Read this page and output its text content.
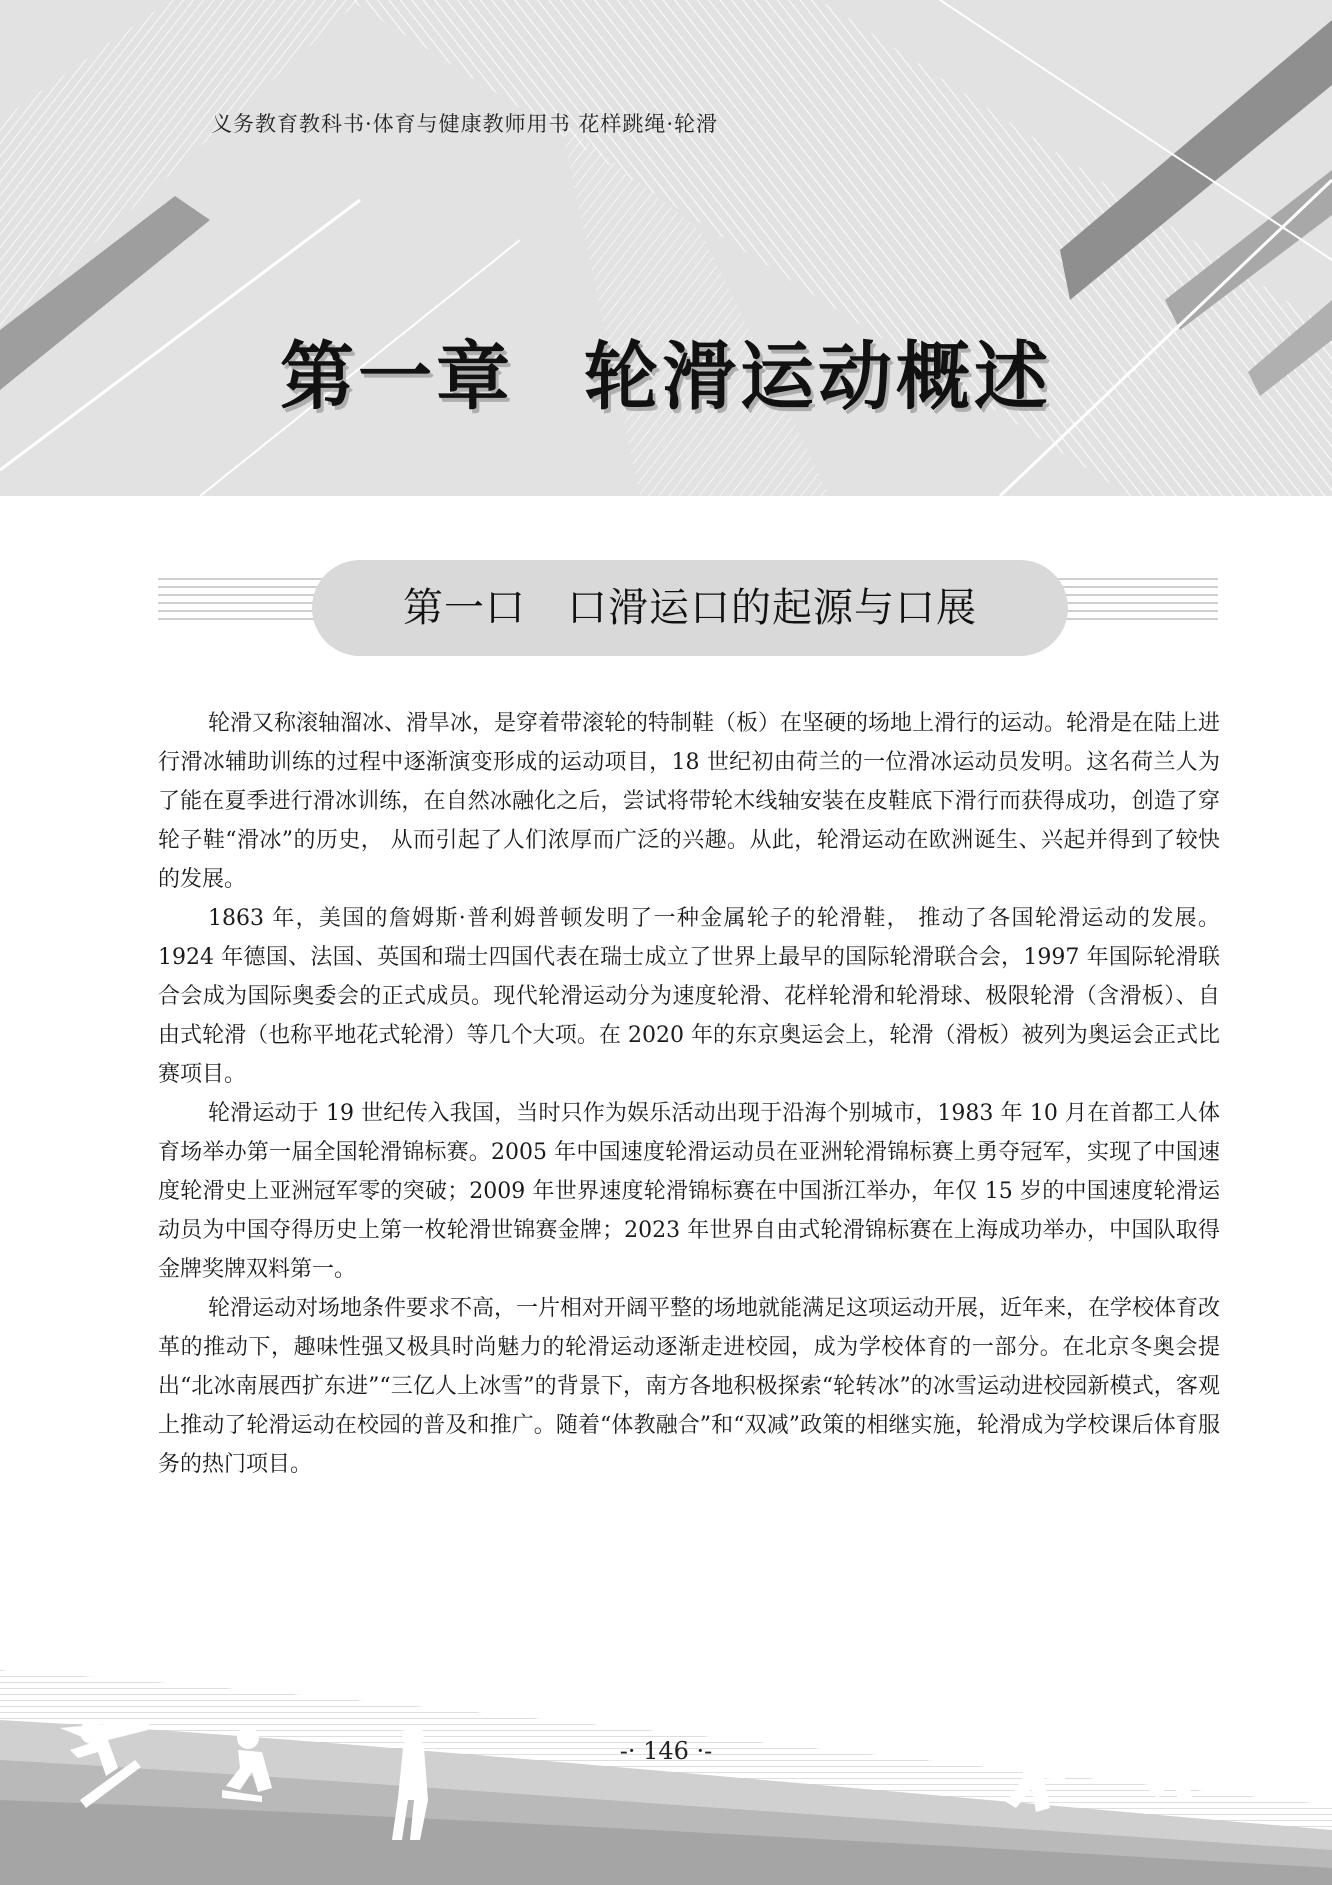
义务教育教科书·体育与健康教师用书 花样跳绳·轮滑
第一章 轮滑运动概述
第一口　口滑运口的起源与口展

轮滑又称滚轴溜冰、滑旱冰，是穿着带滚轮的特制鞋（板）在坚硬的场地上滑行的运动。轮滑是在陆上进行滑冰辅助训练的过程中逐渐演变形成的运动项目，18 世纪初由荷兰的一位滑冰运动员发明。这名荷兰人为了能在夏季进行滑冰训练，在自然冰融化之后，尝试将带轮木线轴安装在皮鞋底下滑行而获得成功，创造了穿轮子鞋“滑冰”的历史， 从而引起了人们浓厚而广泛的兴趣。从此，轮滑运动在欧洲诞生、兴起并得到了较快的发展。

1863 年，美国的詹姆斯·普利姆普顿发明了一种金属轮子的轮滑鞋， 推动了各国轮滑运动的发展。1924 年德国、法国、英国和瑞士四国代表在瑞士成立了世界上最早的国际轮滑联合会，1997 年国际轮滑联合会成为国际奥委会的正式成员。现代轮滑运动分为速度轮滑、花样轮滑和轮滑球、极限轮滑（含滑板）、自由式轮滑（也称平地花式轮滑）等几个大项。在 2020 年的东京奥运会上，轮滑（滑板）被列为奥运会正式比赛项目。

轮滑运动于 19 世纪传入我国，当时只作为娱乐活动出现于沿海个别城市，1983 年 10 月在首都工人体育场举办第一届全国轮滑锦标赛。2005 年中国速度轮滑运动员在亚洲轮滑锦标赛上勇夺冠军，实现了中国速度轮滑史上亚洲冠军零的突破；2009 年世界速度轮滑锦标赛在中国浙江举办，年仅 15 岁的中国速度轮滑运动员为中国夺得历史上第一枚轮滑世锦赛金牌；2023 年世界自由式轮滑锦标赛在上海成功举办，中国队取得金牌奖牌双料第一。

轮滑运动对场地条件要求不高，一片相对开阔平整的场地就能满足这项运动开展，近年来，在学校体育改革的推动下，趣味性强又极具时尚魅力的轮滑运动逐渐走进校园，成为学校体育的一部分。在北京冬奥会提出“北冰南展西扩东进”“三亿人上冰雪”的背景下，南方各地积极探索“轮转冰”的冰雪运动进校园新模式，客观上推动了轮滑运动在校园的普及和推广。随着“体教融合”和“双减”政策的相继实施，轮滑成为学校课后体育服务的热门项目。

-· 146 ·-
